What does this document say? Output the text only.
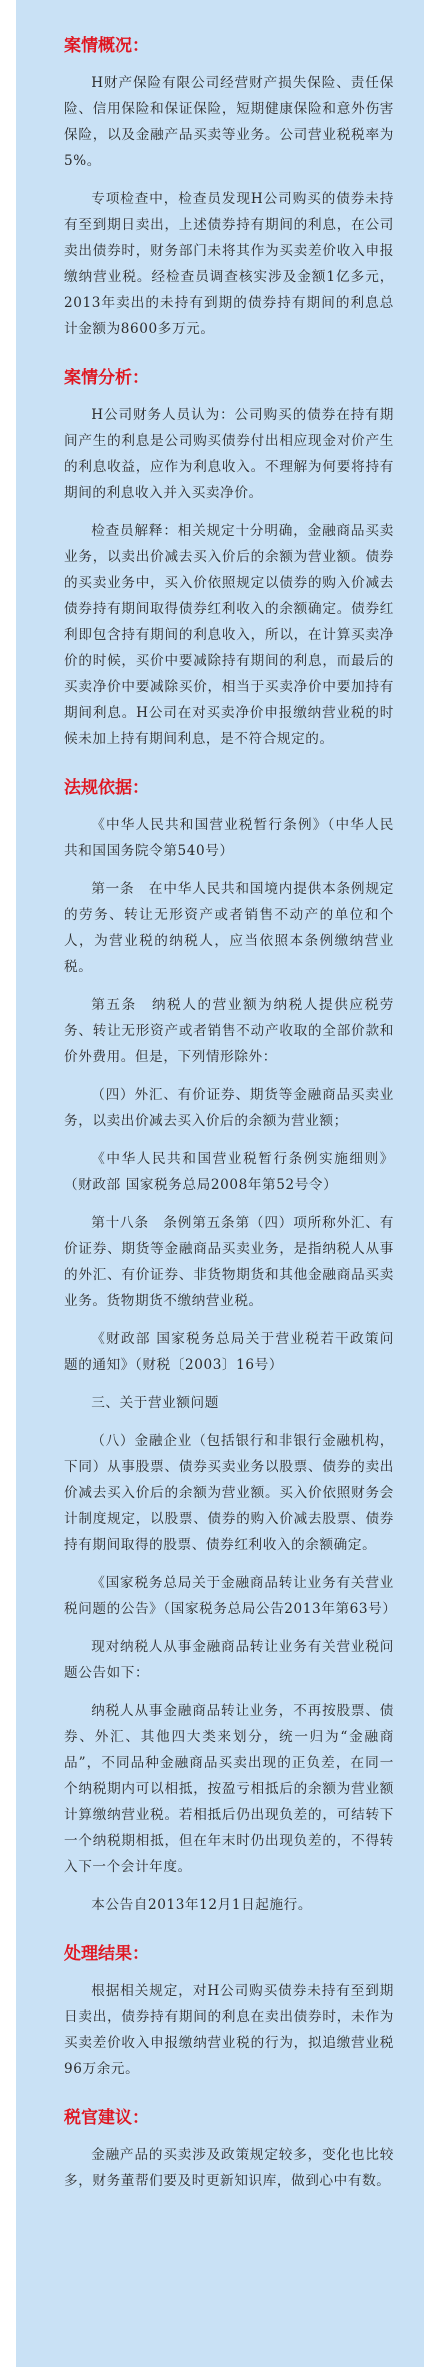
案情概况：

H财产保险有限公司经营财产损失保险、责任保险、信用保险和保证保险，短期健康保险和意外伤害保险，以及金融产品买卖等业务。公司营业税税率为5%。

专项检查中，检查员发现H公司购买的债券未持有至到期日卖出，上述债券持有期间的利息，在公司卖出债券时，财务部门未将其作为买卖差价收入申报缴纳营业税。经检查员调查核实涉及金额1亿多元，2013年卖出的未持有到期的债券持有期间的利息总计金额为8600多万元。

案情分析：

H公司财务人员认为：公司购买的债券在持有期间产生的利息是公司购买债券付出相应现金对价产生的利息收益，应作为利息收入。不理解为何要将持有期间的利息收入并入买卖净价。

检查员解释：相关规定十分明确，金融商品买卖业务，以卖出价减去买入价后的余额为营业额。债券的买卖业务中，买入价依照规定以债券的购入价减去债券持有期间取得债券红利收入的余额确定。债券红利即包含持有期间的利息收入，所以，在计算买卖净价的时候，买价中要减除持有期间的利息，而最后的买卖净价中要减除买价，相当于买卖净价中要加持有期间利息。H公司在对买卖净价申报缴纳营业税的时候未加上持有期间利息，是不符合规定的。

法规依据：

《中华人民共和国营业税暂行条例》（中华人民共和国国务院令第540号）

第一条　在中华人民共和国境内提供本条例规定的劳务、转让无形资产或者销售不动产的单位和个人，为营业税的纳税人，应当依照本条例缴纳营业税。

第五条　纳税人的营业额为纳税人提供应税劳务、转让无形资产或者销售不动产收取的全部价款和价外费用。但是，下列情形除外：

（四）外汇、有价证券、期货等金融商品买卖业务，以卖出价减去买入价后的余额为营业额；

《中华人民共和国营业税暂行条例实施细则》（财政部 国家税务总局2008年第52号令）

第十八条　条例第五条第（四）项所称外汇、有价证券、期货等金融商品买卖业务，是指纳税人从事的外汇、有价证券、非货物期货和其他金融商品买卖业务。货物期货不缴纳营业税。

《财政部 国家税务总局关于营业税若干政策问题的通知》（财税〔2003〕16号）

三、关于营业额问题

（八）金融企业（包括银行和非银行金融机构，下同）从事股票、债券买卖业务以股票、债券的卖出价减去买入价后的余额为营业额。买入价依照财务会计制度规定，以股票、债券的购入价减去股票、债券持有期间取得的股票、债券红利收入的余额确定。

《国家税务总局关于金融商品转让业务有关营业税问题的公告》（国家税务总局公告2013年第63号）

现对纳税人从事金融商品转让业务有关营业税问题公告如下：

纳税人从事金融商品转让业务，不再按股票、债券、外汇、其他四大类来划分，统一归为“金融商品”，不同品种金融商品买卖出现的正负差，在同一个纳税期内可以相抵，按盈亏相抵后的余额为营业额计算缴纳营业税。若相抵后仍出现负差的，可结转下一个纳税期相抵，但在年末时仍出现负差的，不得转入下一个会计年度。

本公告自2013年12月1日起施行。

处理结果：

根据相关规定，对H公司购买债券未持有至到期日卖出，债券持有期间的利息在卖出债券时，未作为买卖差价收入申报缴纳营业税的行为，拟追缴营业税96万余元。

税官建议：

金融产品的买卖涉及政策规定较多，变化也比较多，财务董帮们要及时更新知识库，做到心中有数。
